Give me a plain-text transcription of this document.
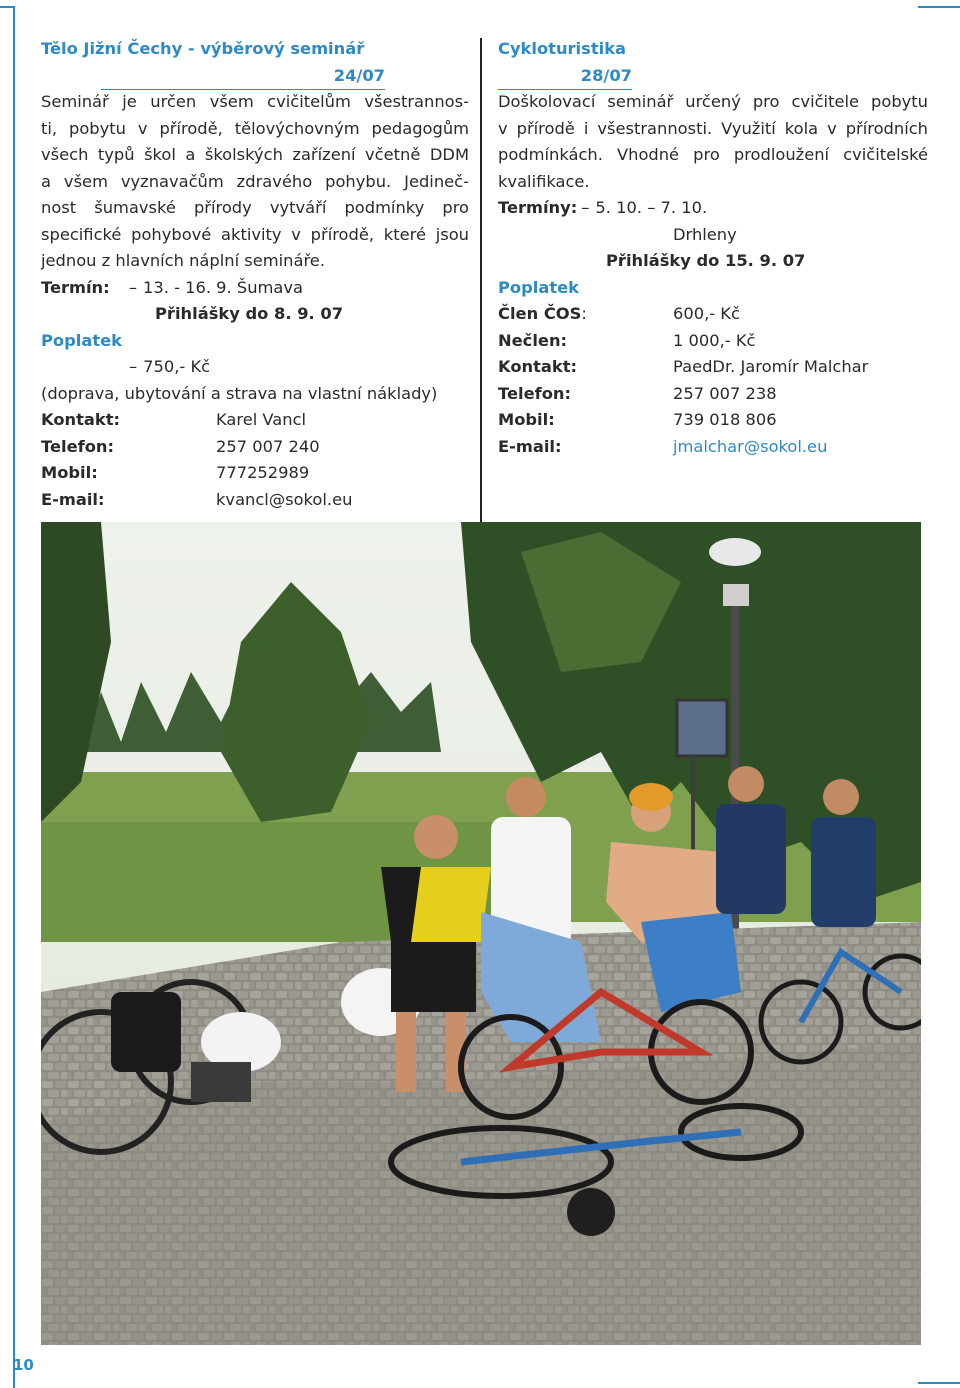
10
Tělo Jižní Čechy - výběrový seminář
24/07
Seminář je určen všem cvičitelům všestrannos-
ti, pobytu v přírodě, tělovýchovným pedagogům
všech typů škol a školských zařízení včetně DDM
a všem vyznavačům zdravého pohybu. Jedineč-
nost šumavské přírody vytváří podmínky pro
specifické pohybové aktivity v přírodě, které jsou
jednou z hlavních náplní semináře.
Termín: – 13. - 16. 9. Šumava
Přihlášky do 8. 9. 07
Poplatek
– 750,- Kč
(doprava, ubytování a strava na vlastní náklady)
Kontakt:	Karel Vancl
Telefon:	257 007 240
Mobil:	777252989
E-mail:	kvancl@sokol.eu
Cykloturistika
28/07
Doškolovací seminář určený pro cvičitele pobytu
v přírodě i všestrannosti. Využití kola v přírodních
podmínkách. Vhodné pro prodloužení cvičitelské
kvalifikace.
Termíny: – 5. 10. – 7. 10.
Drhleny
Přihlášky do 15. 9. 07
Poplatek
Člen ČOS:	600,- Kč
Nečlen:	1 000,- Kč
Kontakt:	PaedDr. Jaromír Malchar
Telefon:	257 007 238
Mobil:	739 018 806
E-mail:	jmalchar@sokol.eu
